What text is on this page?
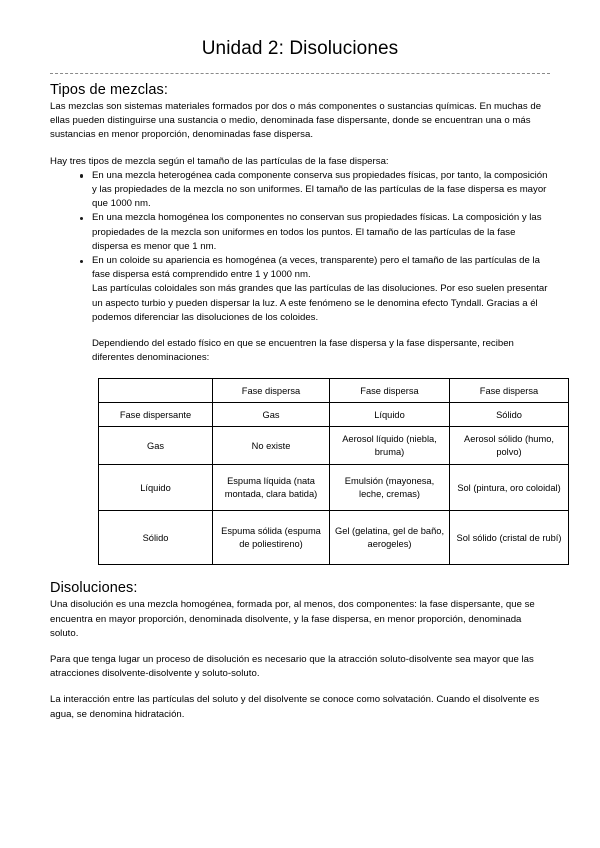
Unidad 2: Disoluciones
Tipos de mezclas:

Las mezclas son sistemas materiales formados por dos o más componentes o sustancias químicas. En muchas de ellas pueden distinguirse una sustancia o medio, denominada fase dispersante, donde se encuentran una o más sustancias en menor proporción, denominadas fase dispersa.

Hay tres tipos de mezcla según el tamaño de las partículas de la fase dispersa:

En una mezcla heterogénea cada componente conserva sus propiedades físicas, por tanto, la composición y las propiedades de la mezcla no son uniformes. El tamaño de las partículas de la fase dispersa es mayor que 1000 nm.
En una mezcla homogénea los componentes no conservan sus propiedades físicas. La composición y las propiedades de la mezcla son uniformes en todos los puntos. El tamaño de las partículas de la fase dispersa es menor que 1 nm.
En un coloide su apariencia es homogénea (a veces, transparente) pero el tamaño de las partículas de la fase dispersa está comprendido entre 1 y 1000 nm.
Las partículas coloidales son más grandes que las partículas de las disoluciones. Por eso suelen presentar un aspecto turbio y pueden dispersar la luz. A este fenómeno se le denomina efecto Tyndall. Gracias a él podemos diferenciar las disoluciones de los coloides.

Dependiendo del estado físico en que se encuentren la fase dispersa y la fase dispersante, reciben diferentes denominaciones:

	Fase dispersa	Fase dispersa	Fase dispersa
Fase dispersante	Gas	Líquido	Sólido
Gas	No existe	Aerosol líquido (niebla, bruma)	Aerosol sólido (humo, polvo)
Líquido	Espuma líquida (nata montada, clara batida)	Emulsión (mayonesa, leche, cremas)	Sol (pintura, oro coloidal)
Sólido	Espuma sólida (espuma de poliestireno)	Gel (gelatina, gel de baño, aerogeles)	Sol sólido (cristal de rubí)
Disoluciones:

Una disolución es una mezcla homogénea, formada por, al menos, dos componentes: la fase dispersante, que se encuentra en mayor proporción, denominada disolvente, y la fase dispersa, en menor proporción, denominada soluto.

Para que tenga lugar un proceso de disolución es necesario que la atracción soluto-disolvente sea mayor que las atracciones disolvente-disolvente y soluto-soluto.

La interacción entre las partículas del soluto y del disolvente se conoce como solvatación. Cuando el disolvente es agua, se denomina hidratación.
